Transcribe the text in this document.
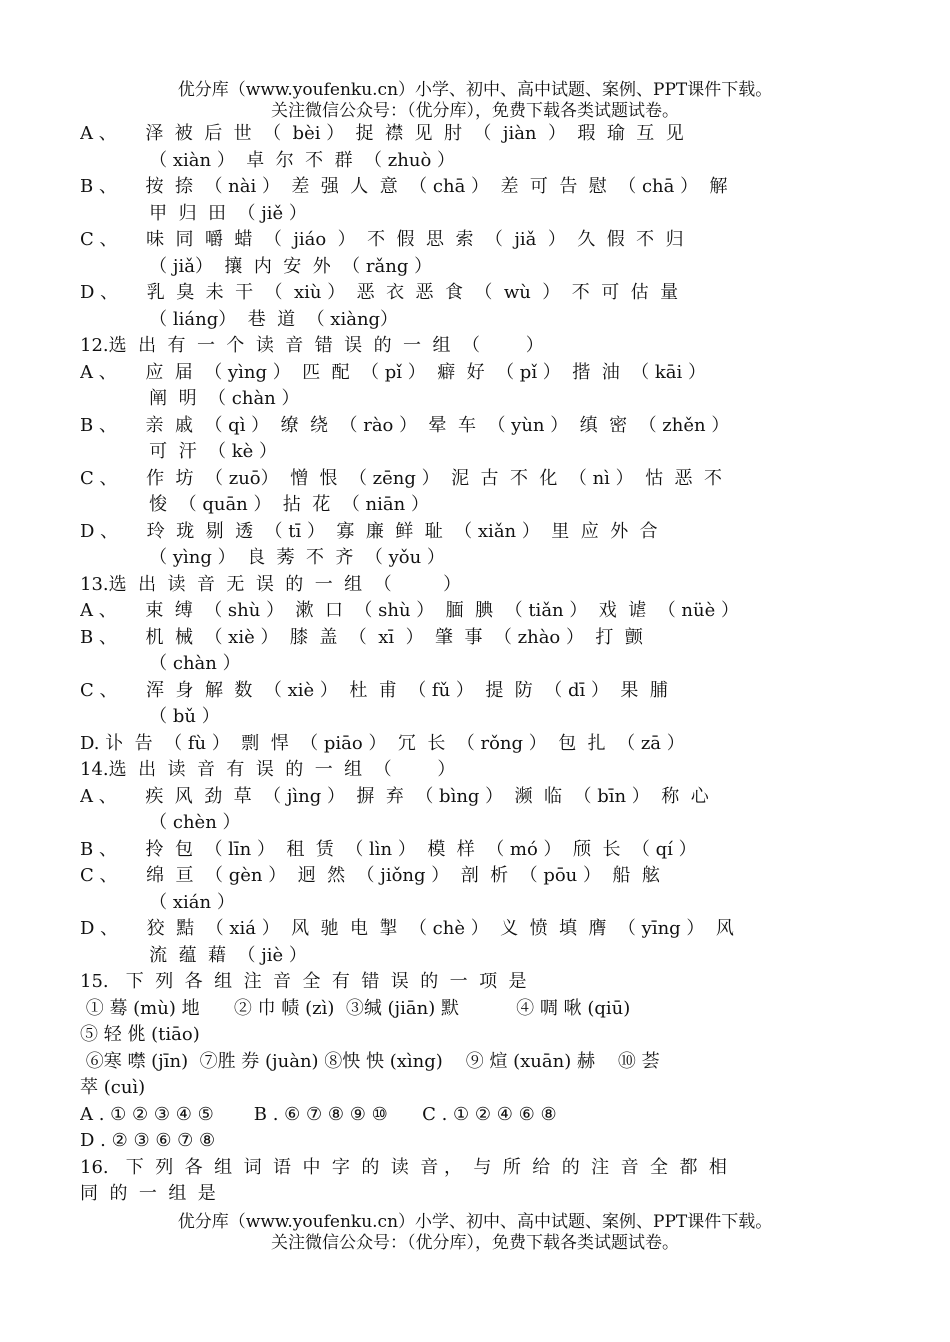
优分库（www.youfenku.cn）小学、初中、高中试题、案例、PPT课件下载。
关注微信公众号：（优分库），免费下载各类试题试卷。
A 、     泽  被  后  世  （  bèi ）  捉  襟  见  肘  （  jiàn  ）  瑕  瑜  互  见
（ xiàn ）  卓  尔  不  群  （ zhuò ）
B 、     按  捺  （ nài ）  差  强  人  意  （ chā ）  差  可  告  慰  （ chā ）  解
甲  归  田  （ jiě ）
C 、     味  同  嚼  蜡  （  jiáo  ）  不  假  思  索  （  jiǎ  ）  久  假  不  归
（ jiǎ）  攘  内  安  外  （ rǎng ）
D 、     乳  臭  未  干  （  xiù ）  恶  衣  恶  食  （  wù  ）  不  可  估  量
（ liáng）  巷  道  （ xiàng）
12.选  出  有  一  个  读  音  错  误  的  一  组  （        ）
A 、     应  届  （ yìng ）  匹  配  （ pǐ ）  癖  好  （ pǐ ）  揩  油  （ kāi ）
阐  明  （ chàn ）
B 、     亲  戚  （ qì ）  缭  绕  （ rào ）  晕  车  （ yùn ）  缜  密  （ zhěn ）
可  汗  （ kè ）
C 、     作  坊  （ zuō）  憎  恨  （ zēng ）  泥  古  不  化  （ nì ）  怙  恶  不
悛  （ quān ）  拈  花  （ niān ）
D 、     玲  珑  剔  透  （ tī ）  寡  廉  鲜  耻  （ xiǎn ）  里  应  外  合
（ yìng ）  良  莠  不  齐  （ yǒu ）
13.选  出  读  音  无  误  的  一  组  （         ）
A 、     束  缚  （ shù ）  漱  口  （ shù ）  腼  腆  （ tiǎn ）  戏  谑  （ nüè ）
B 、     机  械  （ xiè ）  膝  盖  （  xī  ）  肇  事  （ zhào ）  打  颤
（ chàn ）
C 、     浑  身  解  数  （ xiè ）  杜  甫  （ fǔ ）  提  防  （ dī ）  果  脯
（ bǔ ）
D. 讣  告  （ fù ）  剽  悍  （ piāo ）  冗  长  （ rǒng ）  包  扎  （ zā ）
14.选  出  读  音  有  误  的  一  组  （        ）
A 、     疾  风  劲  草  （ jìng ）  摒  弃  （ bìng ）  濒  临  （ bīn ）  称  心
（ chèn ）
B 、     拎  包  （ līn ）  租  赁  （ lìn ）  模  样  （ mó ）  颀  长  （ qí ）
C 、     绵  亘  （ gèn ）  迥  然  （ jiǒng ）  剖  析  （ pōu ）  船  舷
（ xián ）
D 、     狡  黠  （ xiá ）  风  驰  电  掣  （ chè ）  义  愤  填  膺  （ yīng ）  风
流  蕴  藉  （ jiè ）
15.   下  列  各  组  注  音  全  有  错  误  的  一  项  是
① 蓦 (mù) 地      ② 巾 帻 (zì)  ③缄 (jiān) 默          ④ 啁 啾 (qiū)
⑤ 轻 佻 (tiāo)
⑥寒 噤 (jīn)  ⑦胜 券 (juàn) ⑧怏 怏 (xìng)    ⑨ 煊 (xuān) 赫    ⑩ 荟
萃 (cuì)
A . ① ② ③ ④ ⑤       B . ⑥ ⑦ ⑧ ⑨ ⑩      C . ① ② ④ ⑥ ⑧
D . ② ③ ⑥ ⑦ ⑧
16.   下  列  各  组  词  语  中  字  的  读  音 ，  与  所  给  的  注  音  全  都  相
同  的  一  组  是
优分库（www.youfenku.cn）小学、初中、高中试题、案例、PPT课件下载。
关注微信公众号：（优分库），免费下载各类试题试卷。
